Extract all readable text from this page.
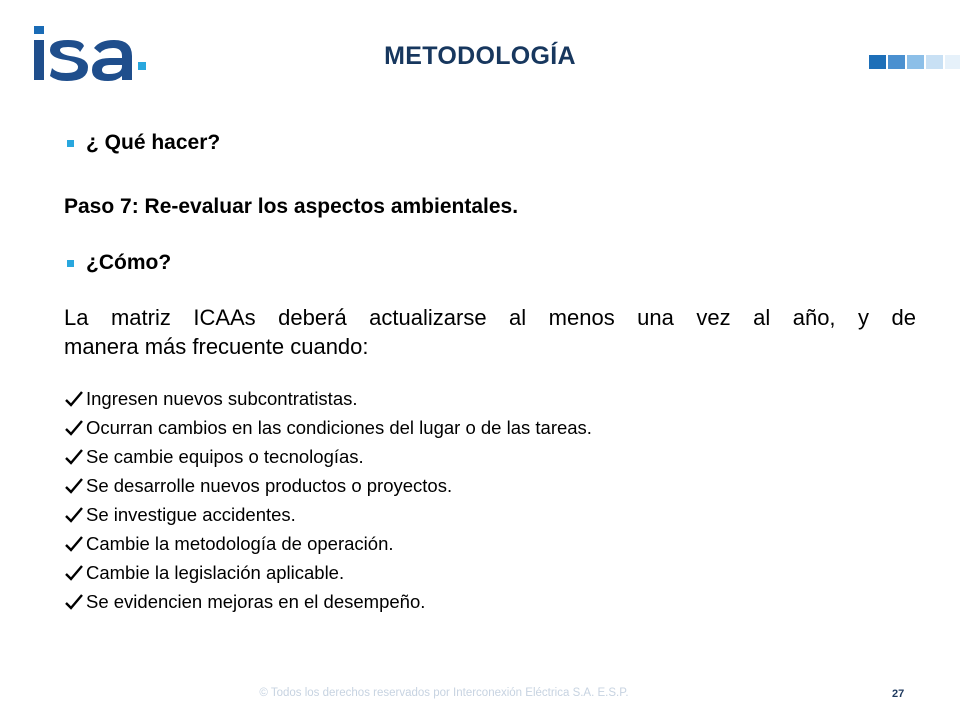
METODOLOGÍA
¿ Qué hacer?
Paso 7: Re-evaluar los aspectos ambientales.
¿Cómo?
La matriz ICAAs deberá actualizarse al menos una vez al año, y de
manera más frecuente cuando:
Ingresen nuevos subcontratistas.
Ocurran cambios en las condiciones del lugar o de las tareas.
Se cambie equipos o tecnologías.
Se desarrolle nuevos productos o proyectos.
Se investigue accidentes.
Cambie la metodología de operación.
Cambie la legislación aplicable.
Se evidencien mejoras en el desempeño.
© Todos los derechos reservados por Interconexión Eléctrica S.A. E.S.P.	27
